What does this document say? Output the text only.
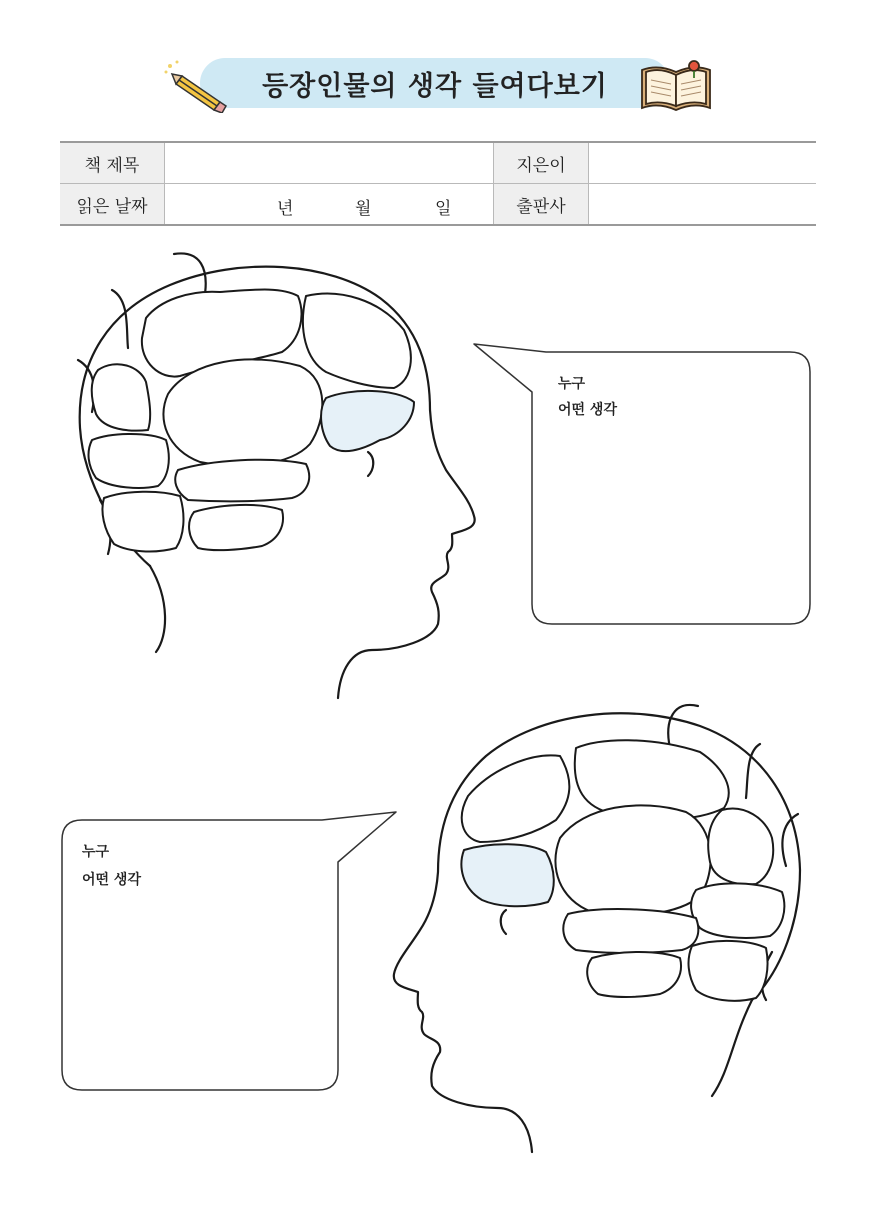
등장인물의 생각 들여다보기
책 제목		지은이	
읽은 날짜	년 월 일	출판사	
누구
어떤 생각
누구
어떤 생각
